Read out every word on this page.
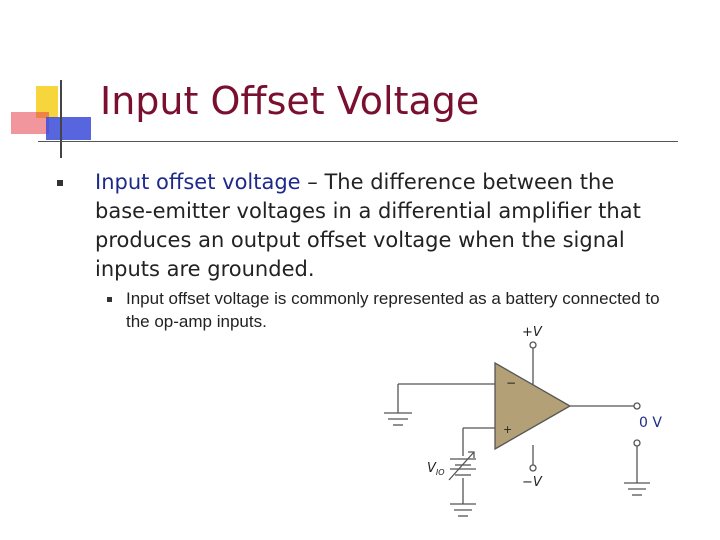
Input Offset Voltage
Input offset voltage – The difference between the base-emitter voltages in a differential amplifier that produces an output offset voltage when the signal inputs are grounded.
Input offset voltage is commonly represented as a battery connected to the op-amp inputs.
−
+
+V
−V
0 V
$V_{IO}$
